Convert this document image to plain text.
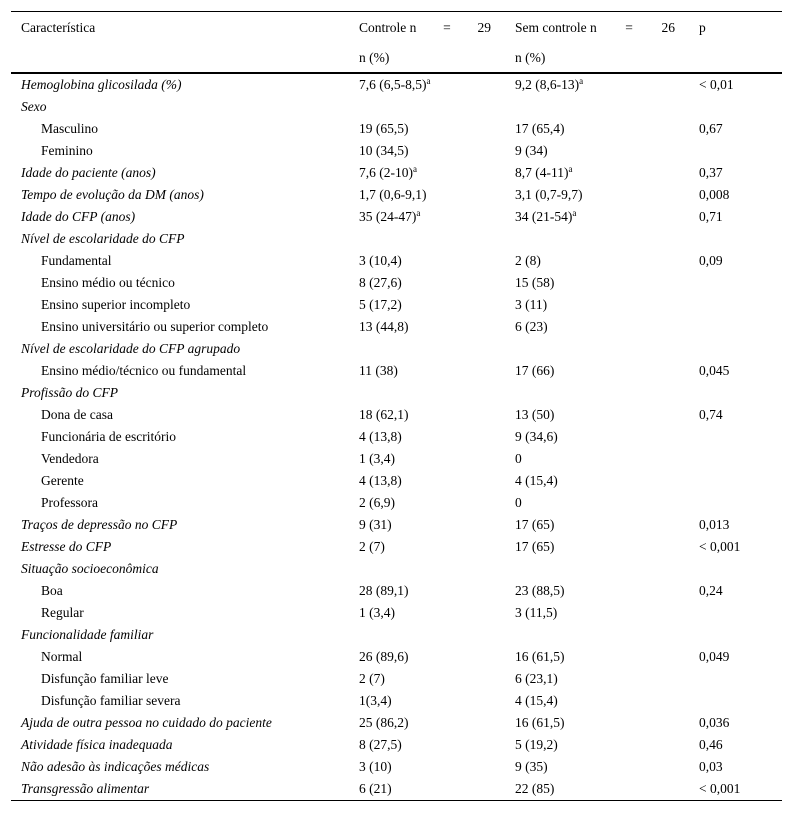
Característica	Controle n = 29	Sem controle n = 26	p
	n (%)	n (%)	
Hemoglobina glicosilada (%)	7,6 $(6,5-8,5)^a$	9,2 $(8,6-13)^a$	< 0,01
Sexo			
Masculino	19 (65,5)	17 (65,4)	0,67
Feminino	10 (34,5)	9 (34)	
Idade do paciente (anos)	7,6 $(2-10)^a$	8,7 $(4-11)^a$	0,37
Tempo de evolução da DM (anos)	1,7 (0,6-9,1)	3,1 (0,7-9,7)	0,008
Idade do CFP (anos)	35 $(24-47)^a$	34 $(21-54)^a$	0,71
Nível de escolaridade do CFP			
Fundamental	3 (10,4)	2 (8)	0,09
Ensino médio ou técnico	8 (27,6)	15 (58)	
Ensino superior incompleto	5 (17,2)	3 (11)	
Ensino universitário ou superior completo	13 (44,8)	6 (23)	
Nível de escolaridade do CFP agrupado			
Ensino médio/técnico ou fundamental	11 (38)	17 (66)	0,045
Profissão do CFP			
Dona de casa	18 (62,1)	13 (50)	0,74
Funcionária de escritório	4 (13,8)	9 (34,6)	
Vendedora	1 (3,4)	0	
Gerente	4 (13,8)	4 (15,4)	
Professora	2 (6,9)	0	
Traços de depressão no CFP	9 (31)	17 (65)	0,013
Estresse do CFP	2 (7)	17 (65)	< 0,001
Situação socioeconômica			
Boa	28 (89,1)	23 (88,5)	0,24
Regular	1 (3,4)	3 (11,5)	
Funcionalidade familiar			
Normal	26 (89,6)	16 (61,5)	0,049
Disfunção familiar leve	2 (7)	6 (23,1)	
Disfunção familiar severa	1(3,4)	4 (15,4)	
Ajuda de outra pessoa no cuidado do paciente	25 (86,2)	16 (61,5)	0,036
Atividade física inadequada	8 (27,5)	5 (19,2)	0,46
Não adesão às indicações médicas	3 (10)	9 (35)	0,03
Transgressão alimentar	6 (21)	22 (85)	< 0,001
